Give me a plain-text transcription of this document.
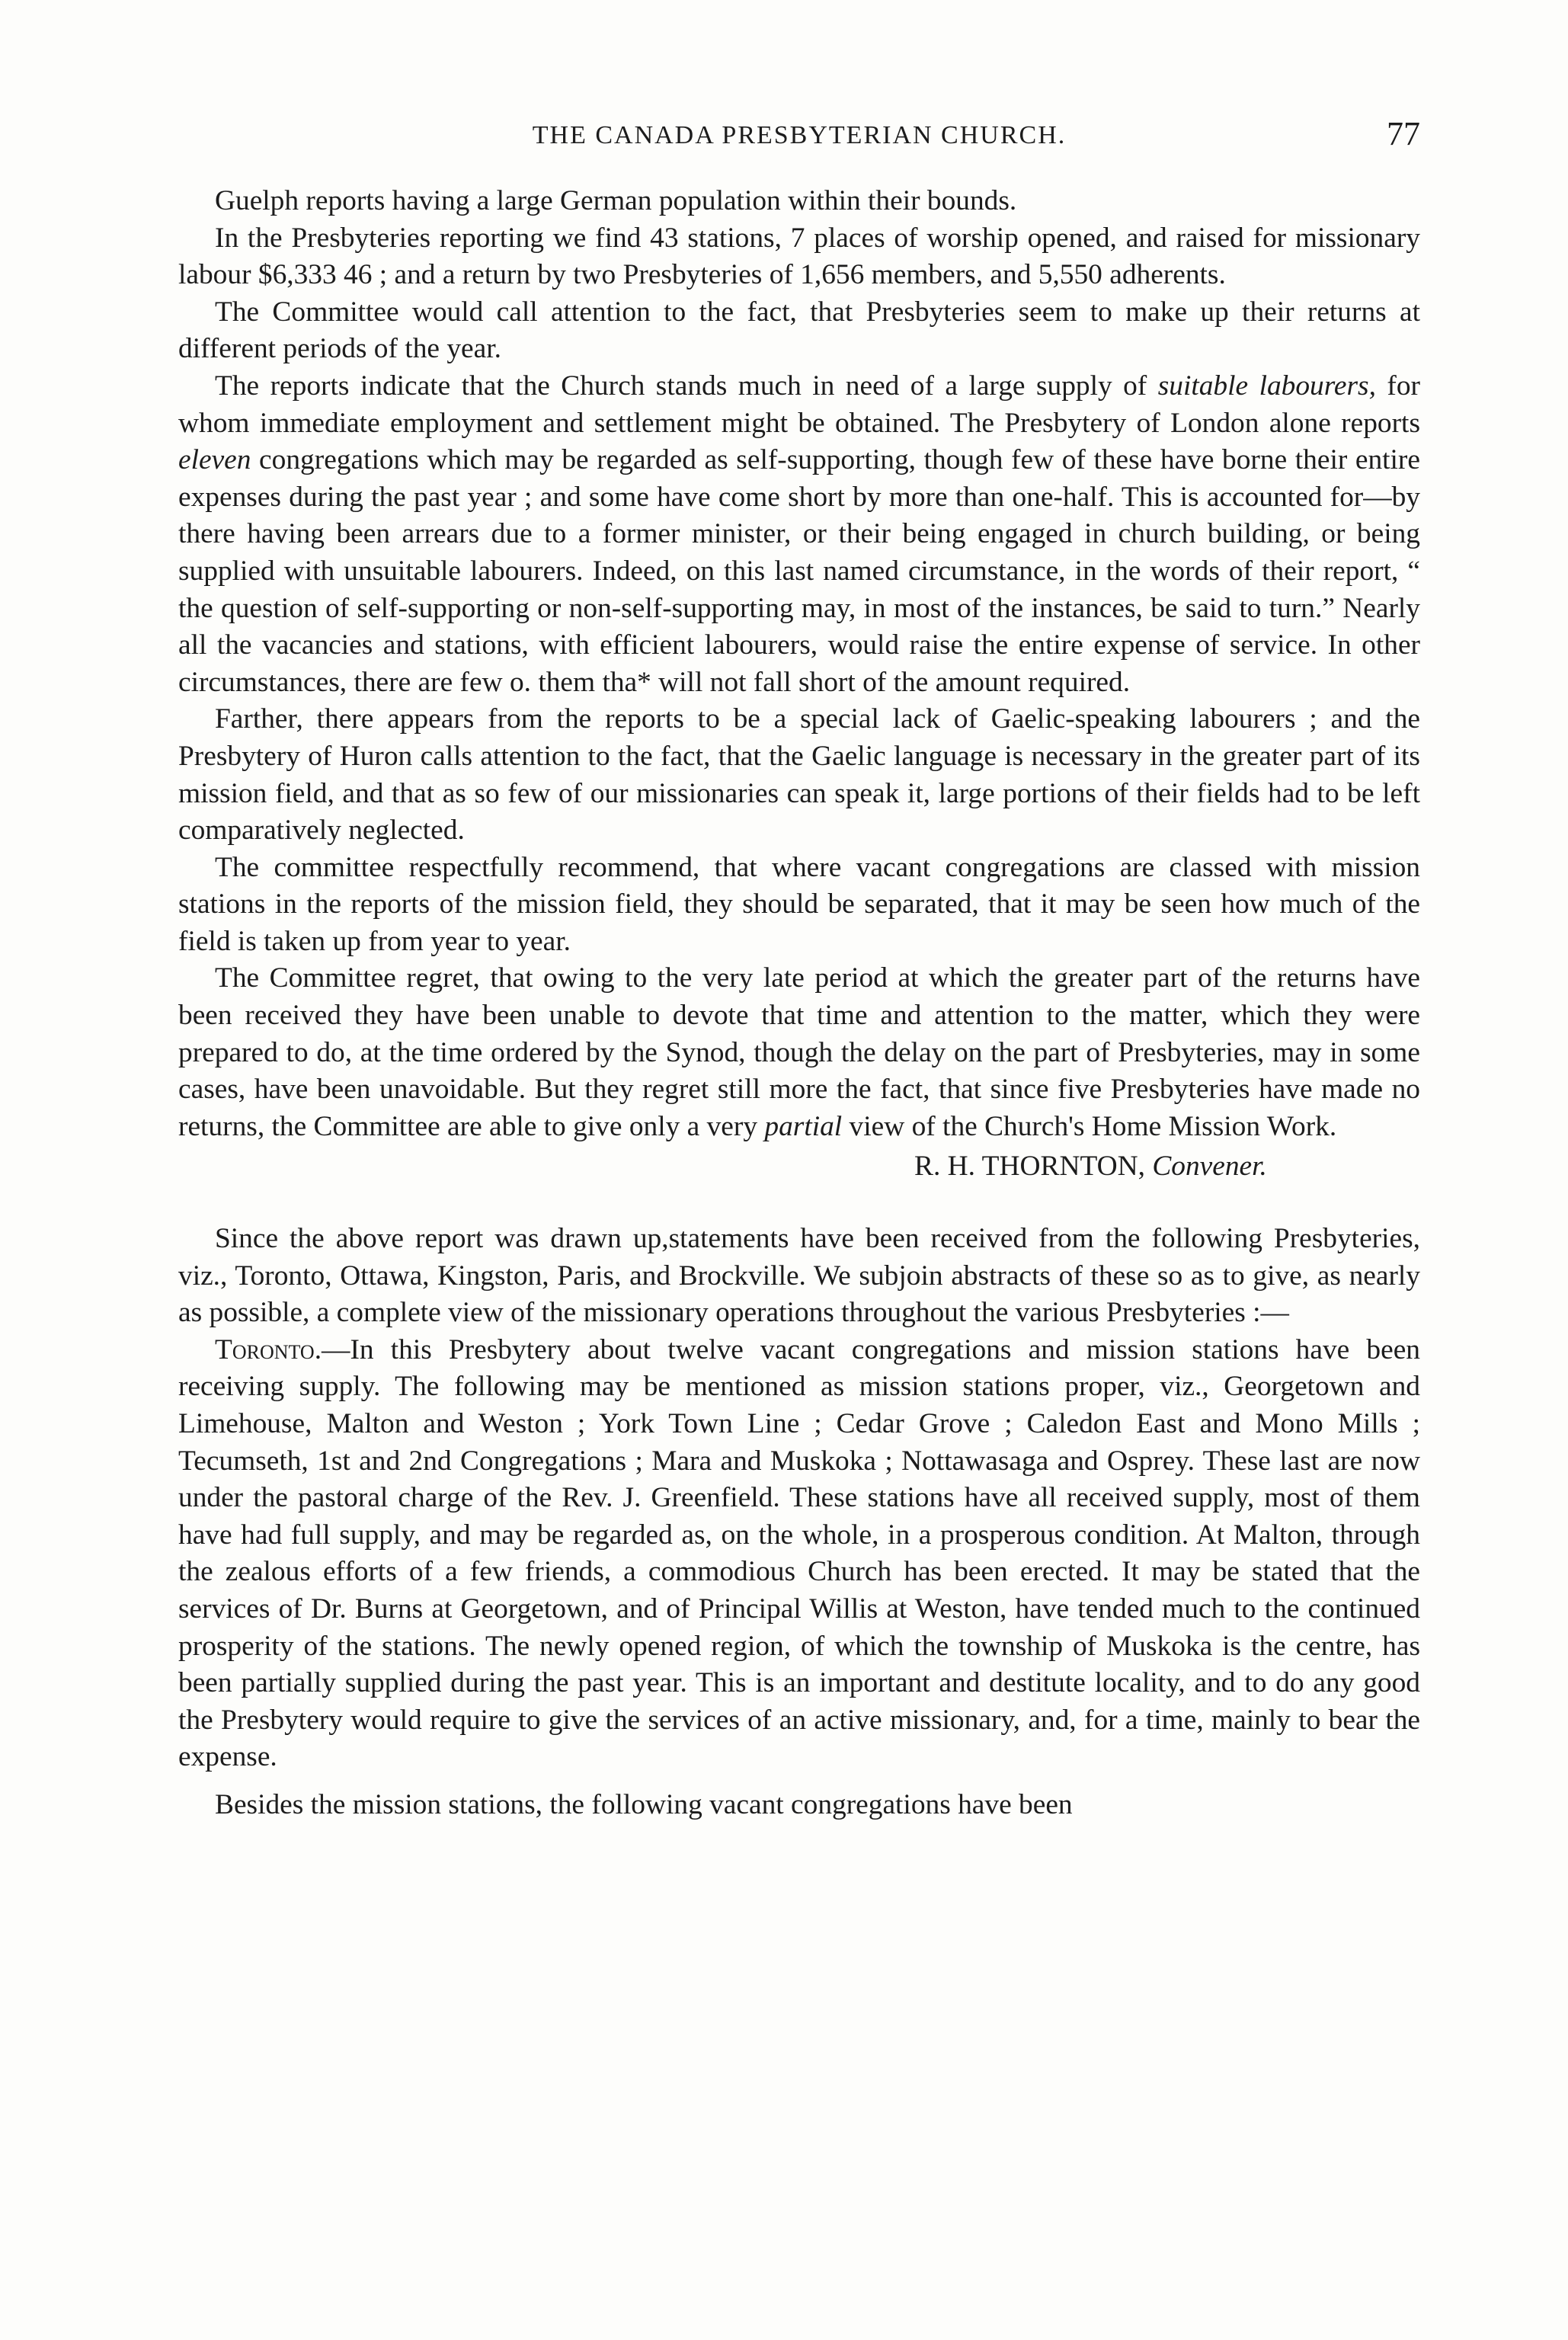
THE CANADA PRESBYTERIAN CHURCH.	77

Guelph reports having a large German population within their bounds.

In the Presbyteries reporting we find 43 stations, 7 places of worship opened, and raised for missionary labour $6,333 46 ; and a return by two Presbyteries of 1,656 members, and 5,550 adherents.

The Committee would call attention to the fact, that Presbyteries seem to make up their returns at different periods of the year.

The reports indicate that the Church stands much in need of a large supply of suitable labourers, for whom immediate employment and settlement might be obtained. The Presbytery of London alone reports eleven congregations which may be regarded as self-supporting, though few of these have borne their entire expenses during the past year ; and some have come short by more than one-half. This is accounted for—by there having been arrears due to a former minister, or their being engaged in church building, or being supplied with unsuitable labourers. Indeed, on this last named circumstance, in the words of their report, “ the question of self-supporting or non-self-supporting may, in most of the instances, be said to turn.” Nearly all the vacancies and stations, with efficient labourers, would raise the entire expense of service. In other circumstances, there are few o. them tha* will not fall short of the amount required.

Farther, there appears from the reports to be a special lack of Gaelic-speaking labourers ; and the Presbytery of Huron calls attention to the fact, that the Gaelic language is necessary in the greater part of its mission field, and that as so few of our missionaries can speak it, large portions of their fields had to be left comparatively neglected.

The committee respectfully recommend, that where vacant congregations are classed with mission stations in the reports of the mission field, they should be separated, that it may be seen how much of the field is taken up from year to year.

The Committee regret, that owing to the very late period at which the greater part of the returns have been received they have been unable to devote that time and attention to the matter, which they were prepared to do, at the time ordered by the Synod, though the delay on the part of Presbyteries, may in some cases, have been unavoidable. But they regret still more the fact, that since five Presbyteries have made no returns, the Committee are able to give only a very partial view of the Church's Home Mission Work.

R. H. THORNTON, Convener.

Since the above report was drawn up,statements have been received from the following Presbyteries, viz., Toronto, Ottawa, Kingston, Paris, and Brockville. We subjoin abstracts of these so as to give, as nearly as possible, a complete view of the missionary operations throughout the various Presbyteries :—

Toronto.—In this Presbytery about twelve vacant congregations and mission stations have been receiving supply. The following may be mentioned as mission stations proper, viz., Georgetown and Limehouse, Malton and Weston ; York Town Line ; Cedar Grove ; Caledon East and Mono Mills ; Tecumseth, 1st and 2nd Congregations ; Mara and Muskoka ; Nottawasaga and Osprey. These last are now under the pastoral charge of the Rev. J. Greenfield. These stations have all received supply, most of them have had full supply, and may be regarded as, on the whole, in a prosperous condition. At Malton, through the zealous efforts of a few friends, a commodious Church has been erected. It may be stated that the services of Dr. Burns at Georgetown, and of Principal Willis at Weston, have tended much to the continued prosperity of the stations. The newly opened region, of which the township of Muskoka is the centre, has been partially supplied during the past year. This is an important and destitute locality, and to do any good the Presbytery would require to give the services of an active missionary, and, for a time, mainly to bear the expense.

Besides the mission stations, the following vacant congregations have been
